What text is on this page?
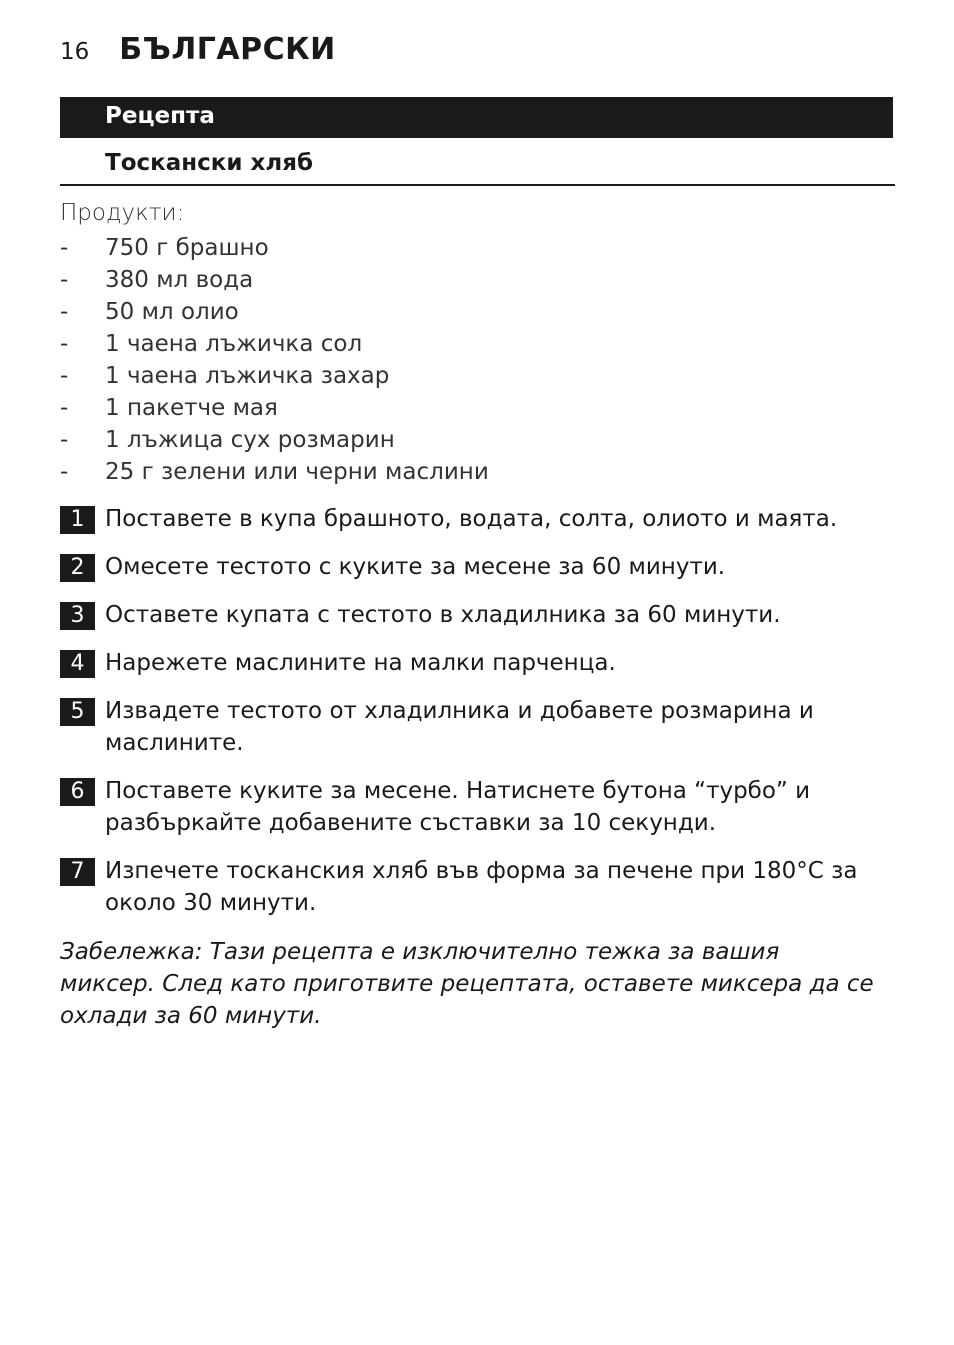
16 БЪЛГАРСКИ
Рецепта
Тоскански хляб
Продукти:
-	750 г брашно
-	380 мл вода
-	50 мл олио
-	1 чаена лъжичка сол
-	1 чаена лъжичка захар
-	1 пакетче мая
-	1 лъжица сух розмарин
-	25 г зелени или черни маслини
1 Поставете в купа брашното, водата, солта, олиото и маята.
2 Омесете тестото с куките за месене за 60 минути.
3 Оставете купата с тестото в хладилника за 60 минути.
4 Нарежете маслините на малки парченца.
5 Извадете тестото от хладилника и добавете розмарина и маслините.
6 Поставете куките за месене. Натиснете бутона “турбо” и разбъркайте добавените съставки за 10 секунди.
7 Изпечете тосканския хляб във форма за печене при 180°C за около 30 минути.

Забележка: Тази рецепта е изключително тежка за вашия миксер. След като приготвите рецептата, оставете миксера да се охлади за 60 минути.
